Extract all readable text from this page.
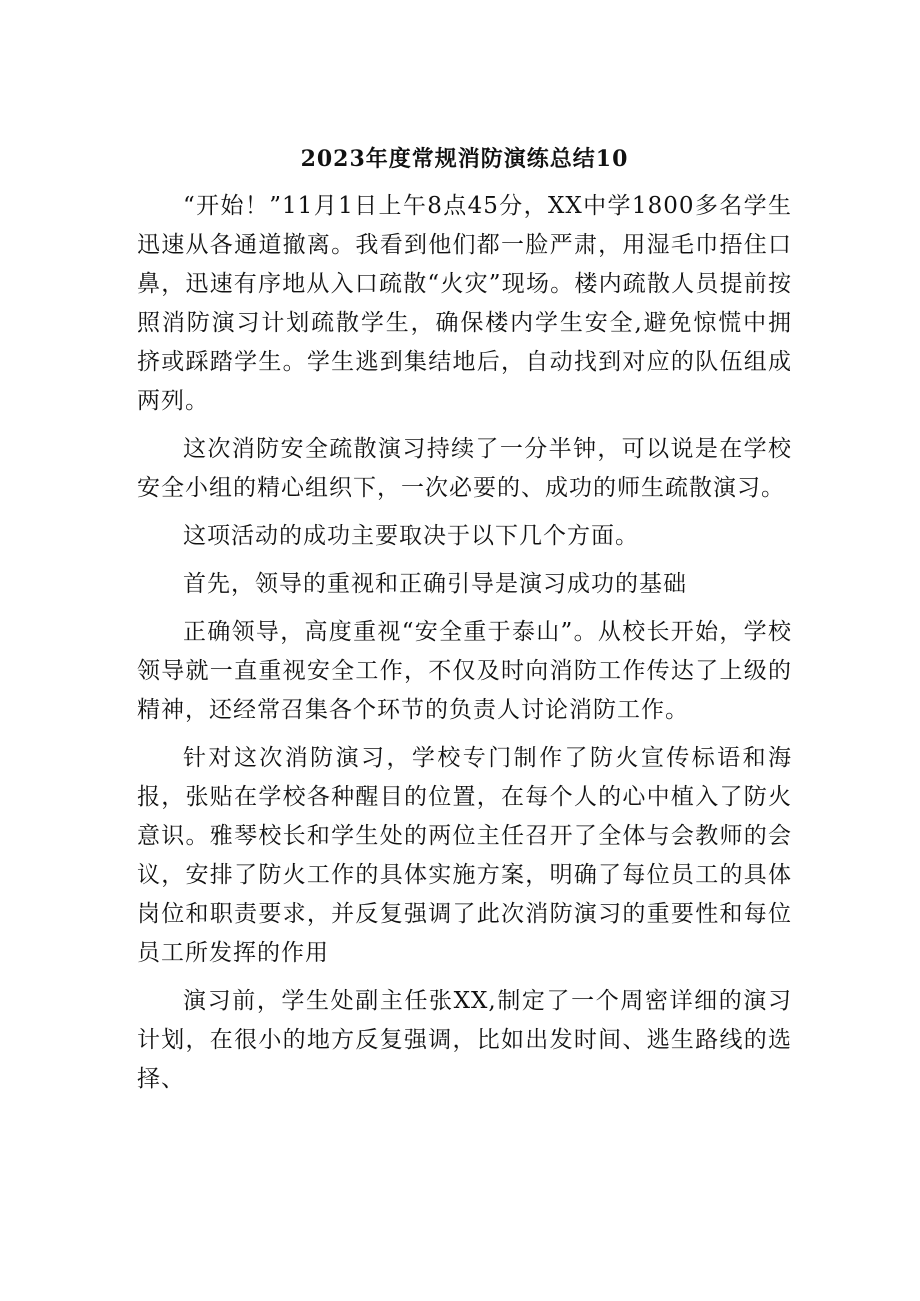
2023年度常规消防演练总结10

“开始！”11月1日上午8点45分，XX中学1800多名学生迅速从各通道撤离。我看到他们都一脸严肃，用湿毛巾捂住口鼻，迅速有序地从入口疏散“火灾”现场。楼内疏散人员提前按照消防演习计划疏散学生，确保楼内学生安全,避免惊慌中拥挤或踩踏学生。学生逃到集结地后，自动找到对应的队伍组成两列。

这次消防安全疏散演习持续了一分半钟，可以说是在学校安全小组的精心组织下，一次必要的、成功的师生疏散演习。

这项活动的成功主要取决于以下几个方面。

首先，领导的重视和正确引导是演习成功的基础

正确领导，高度重视“安全重于泰山”。从校长开始，学校领导就一直重视安全工作，不仅及时向消防工作传达了上级的精神，还经常召集各个环节的负责人讨论消防工作。

针对这次消防演习，学校专门制作了防火宣传标语和海报，张贴在学校各种醒目的位置，在每个人的心中植入了防火意识。雅琴校长和学生处的两位主任召开了全体与会教师的会议，安排了防火工作的具体实施方案，明确了每位员工的具体岗位和职责要求，并反复强调了此次消防演习的重要性和每位员工所发挥的作用

演习前，学生处副主任张XX,制定了一个周密详细的演习计划，在很小的地方反复强调，比如出发时间、逃生路线的选择、
